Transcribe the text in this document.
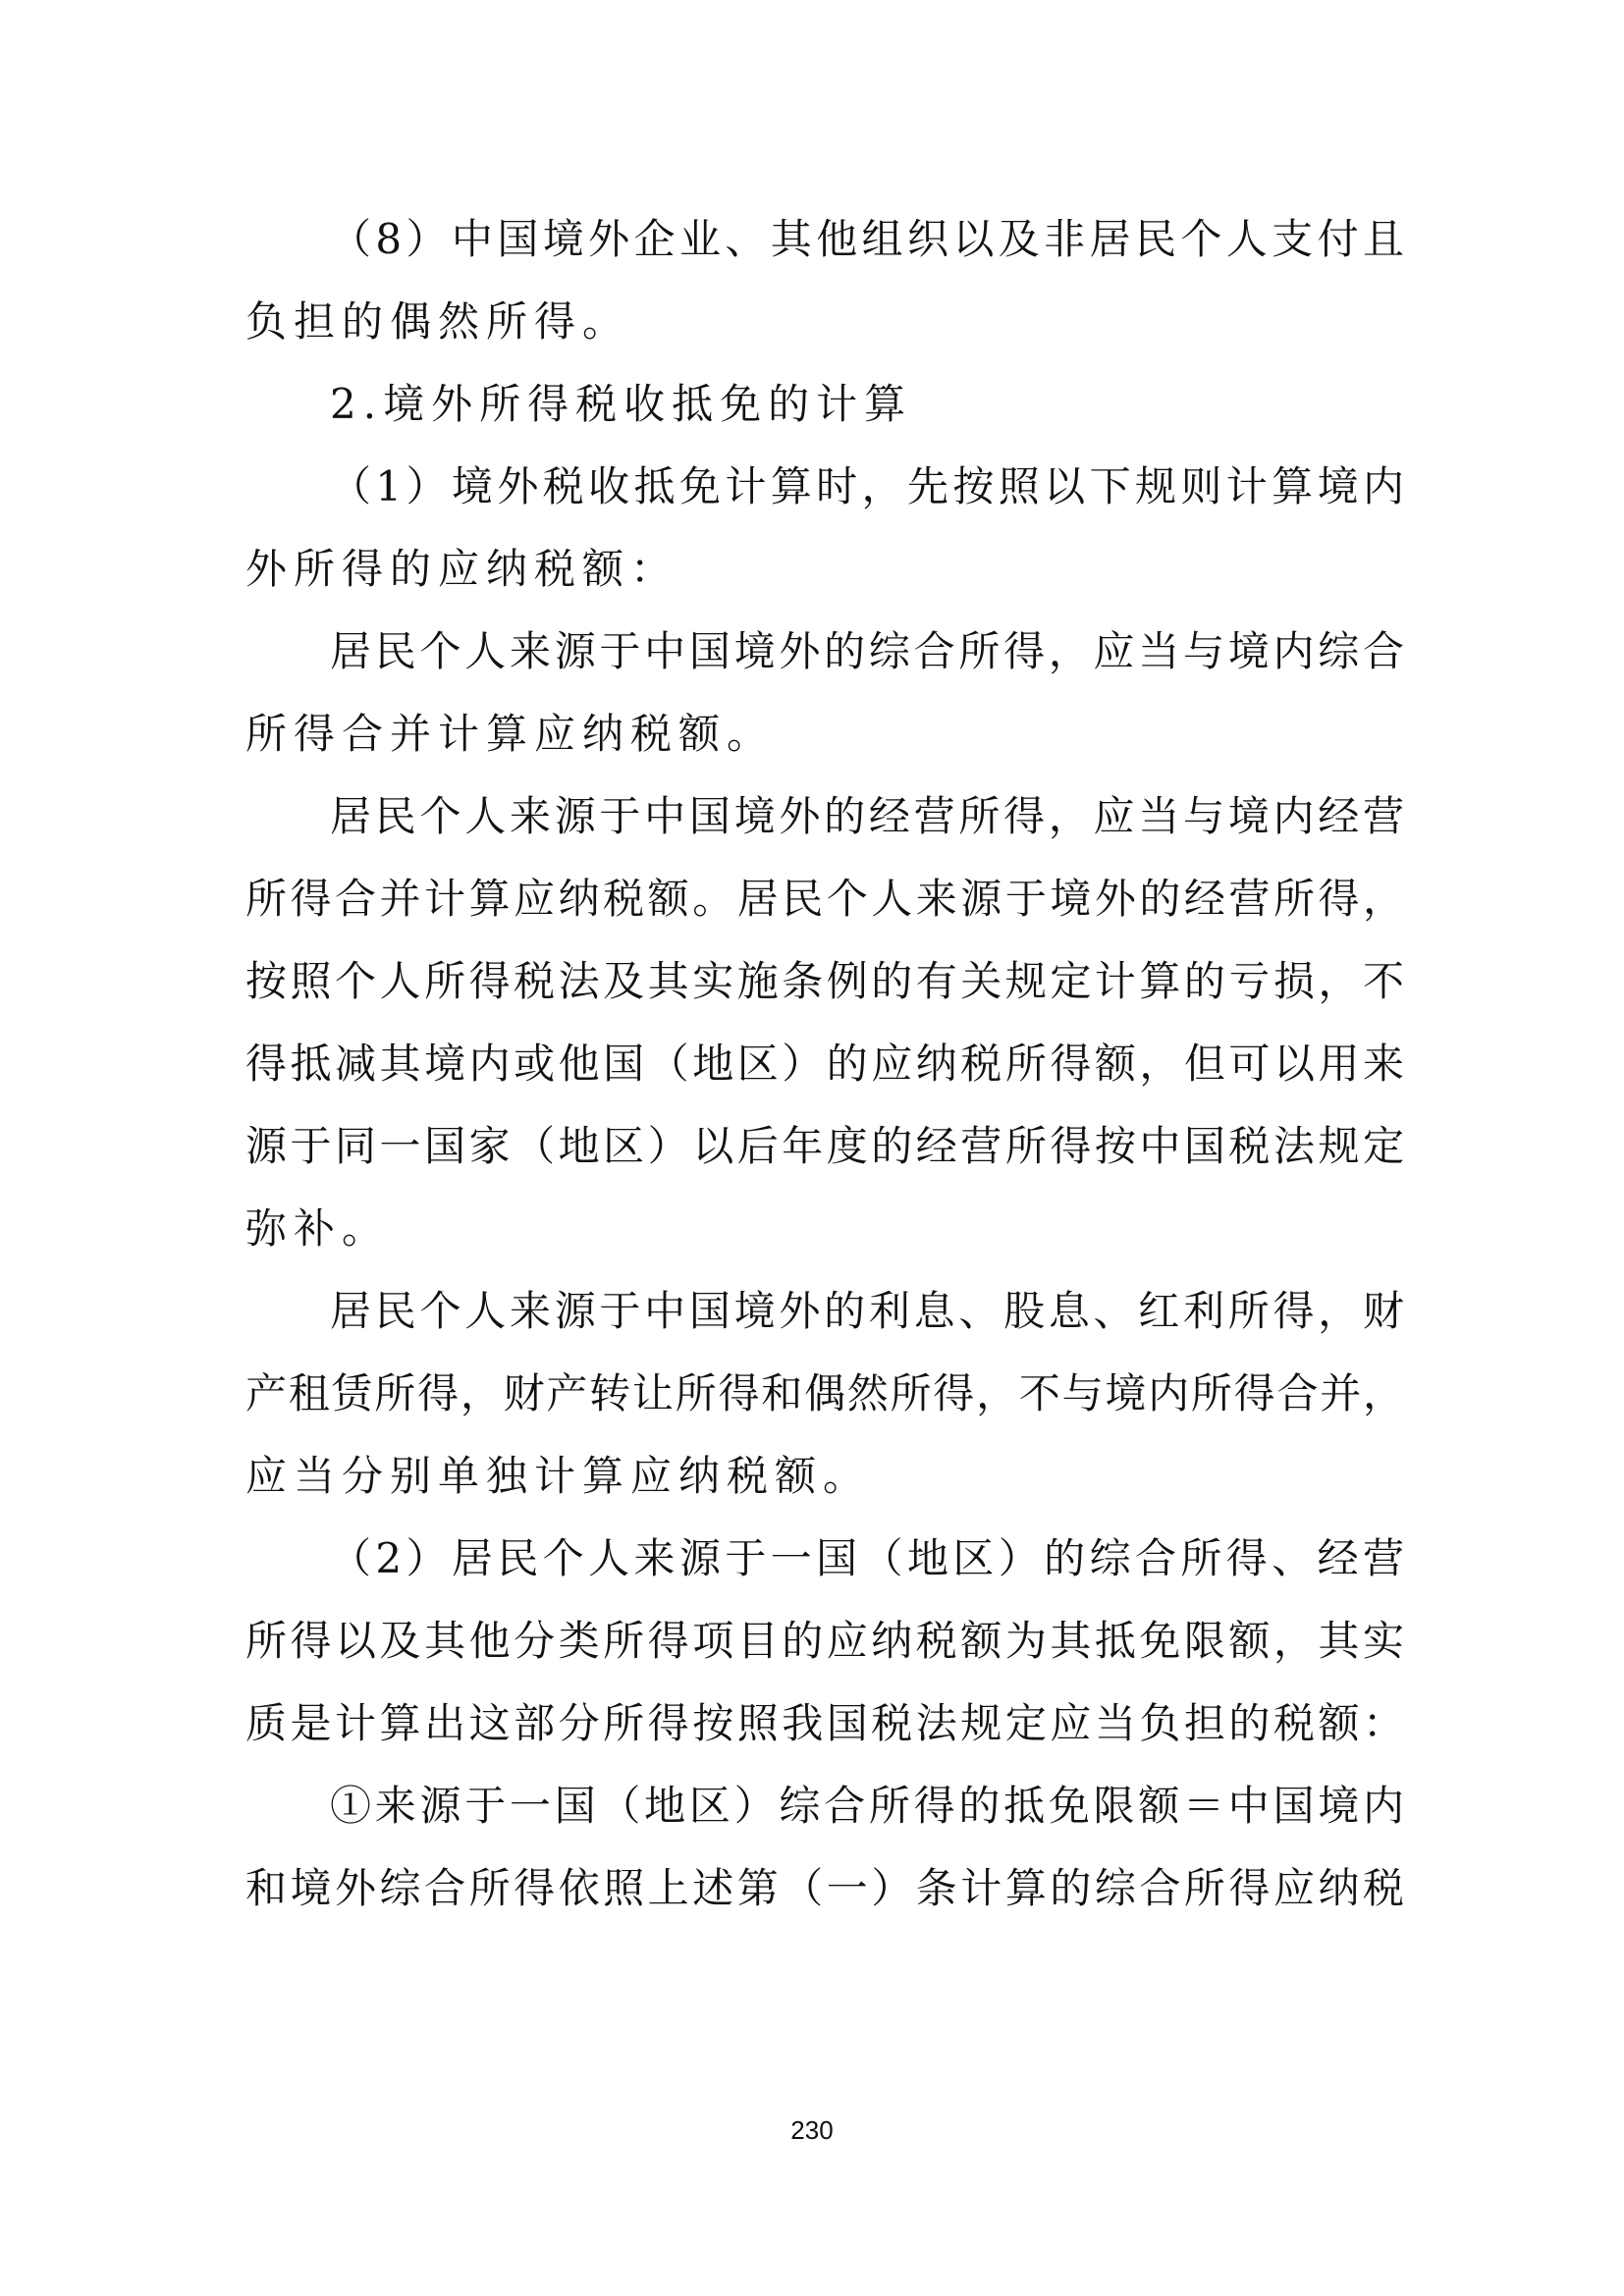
（8）中国境外企业、其他组织以及非居民个人支付且
负担的偶然所得。
2.境外所得税收抵免的计算
（1）境外税收抵免计算时，先按照以下规则计算境内
外所得的应纳税额：
居民个人来源于中国境外的综合所得，应当与境内综合
所得合并计算应纳税额。
居民个人来源于中国境外的经营所得，应当与境内经营
所得合并计算应纳税额。居民个人来源于境外的经营所得，
按照个人所得税法及其实施条例的有关规定计算的亏损，不
得抵减其境内或他国（地区）的应纳税所得额，但可以用来
源于同一国家（地区）以后年度的经营所得按中国税法规定
弥补。
居民个人来源于中国境外的利息、股息、红利所得，财
产租赁所得，财产转让所得和偶然所得，不与境内所得合并，
应当分别单独计算应纳税额。
（2）居民个人来源于一国（地区）的综合所得、经营
所得以及其他分类所得项目的应纳税额为其抵免限额，其实
质是计算出这部分所得按照我国税法规定应当负担的税额：
①来源于一国（地区）综合所得的抵免限额＝中国境内
和境外综合所得依照上述第（一）条计算的综合所得应纳税
230
